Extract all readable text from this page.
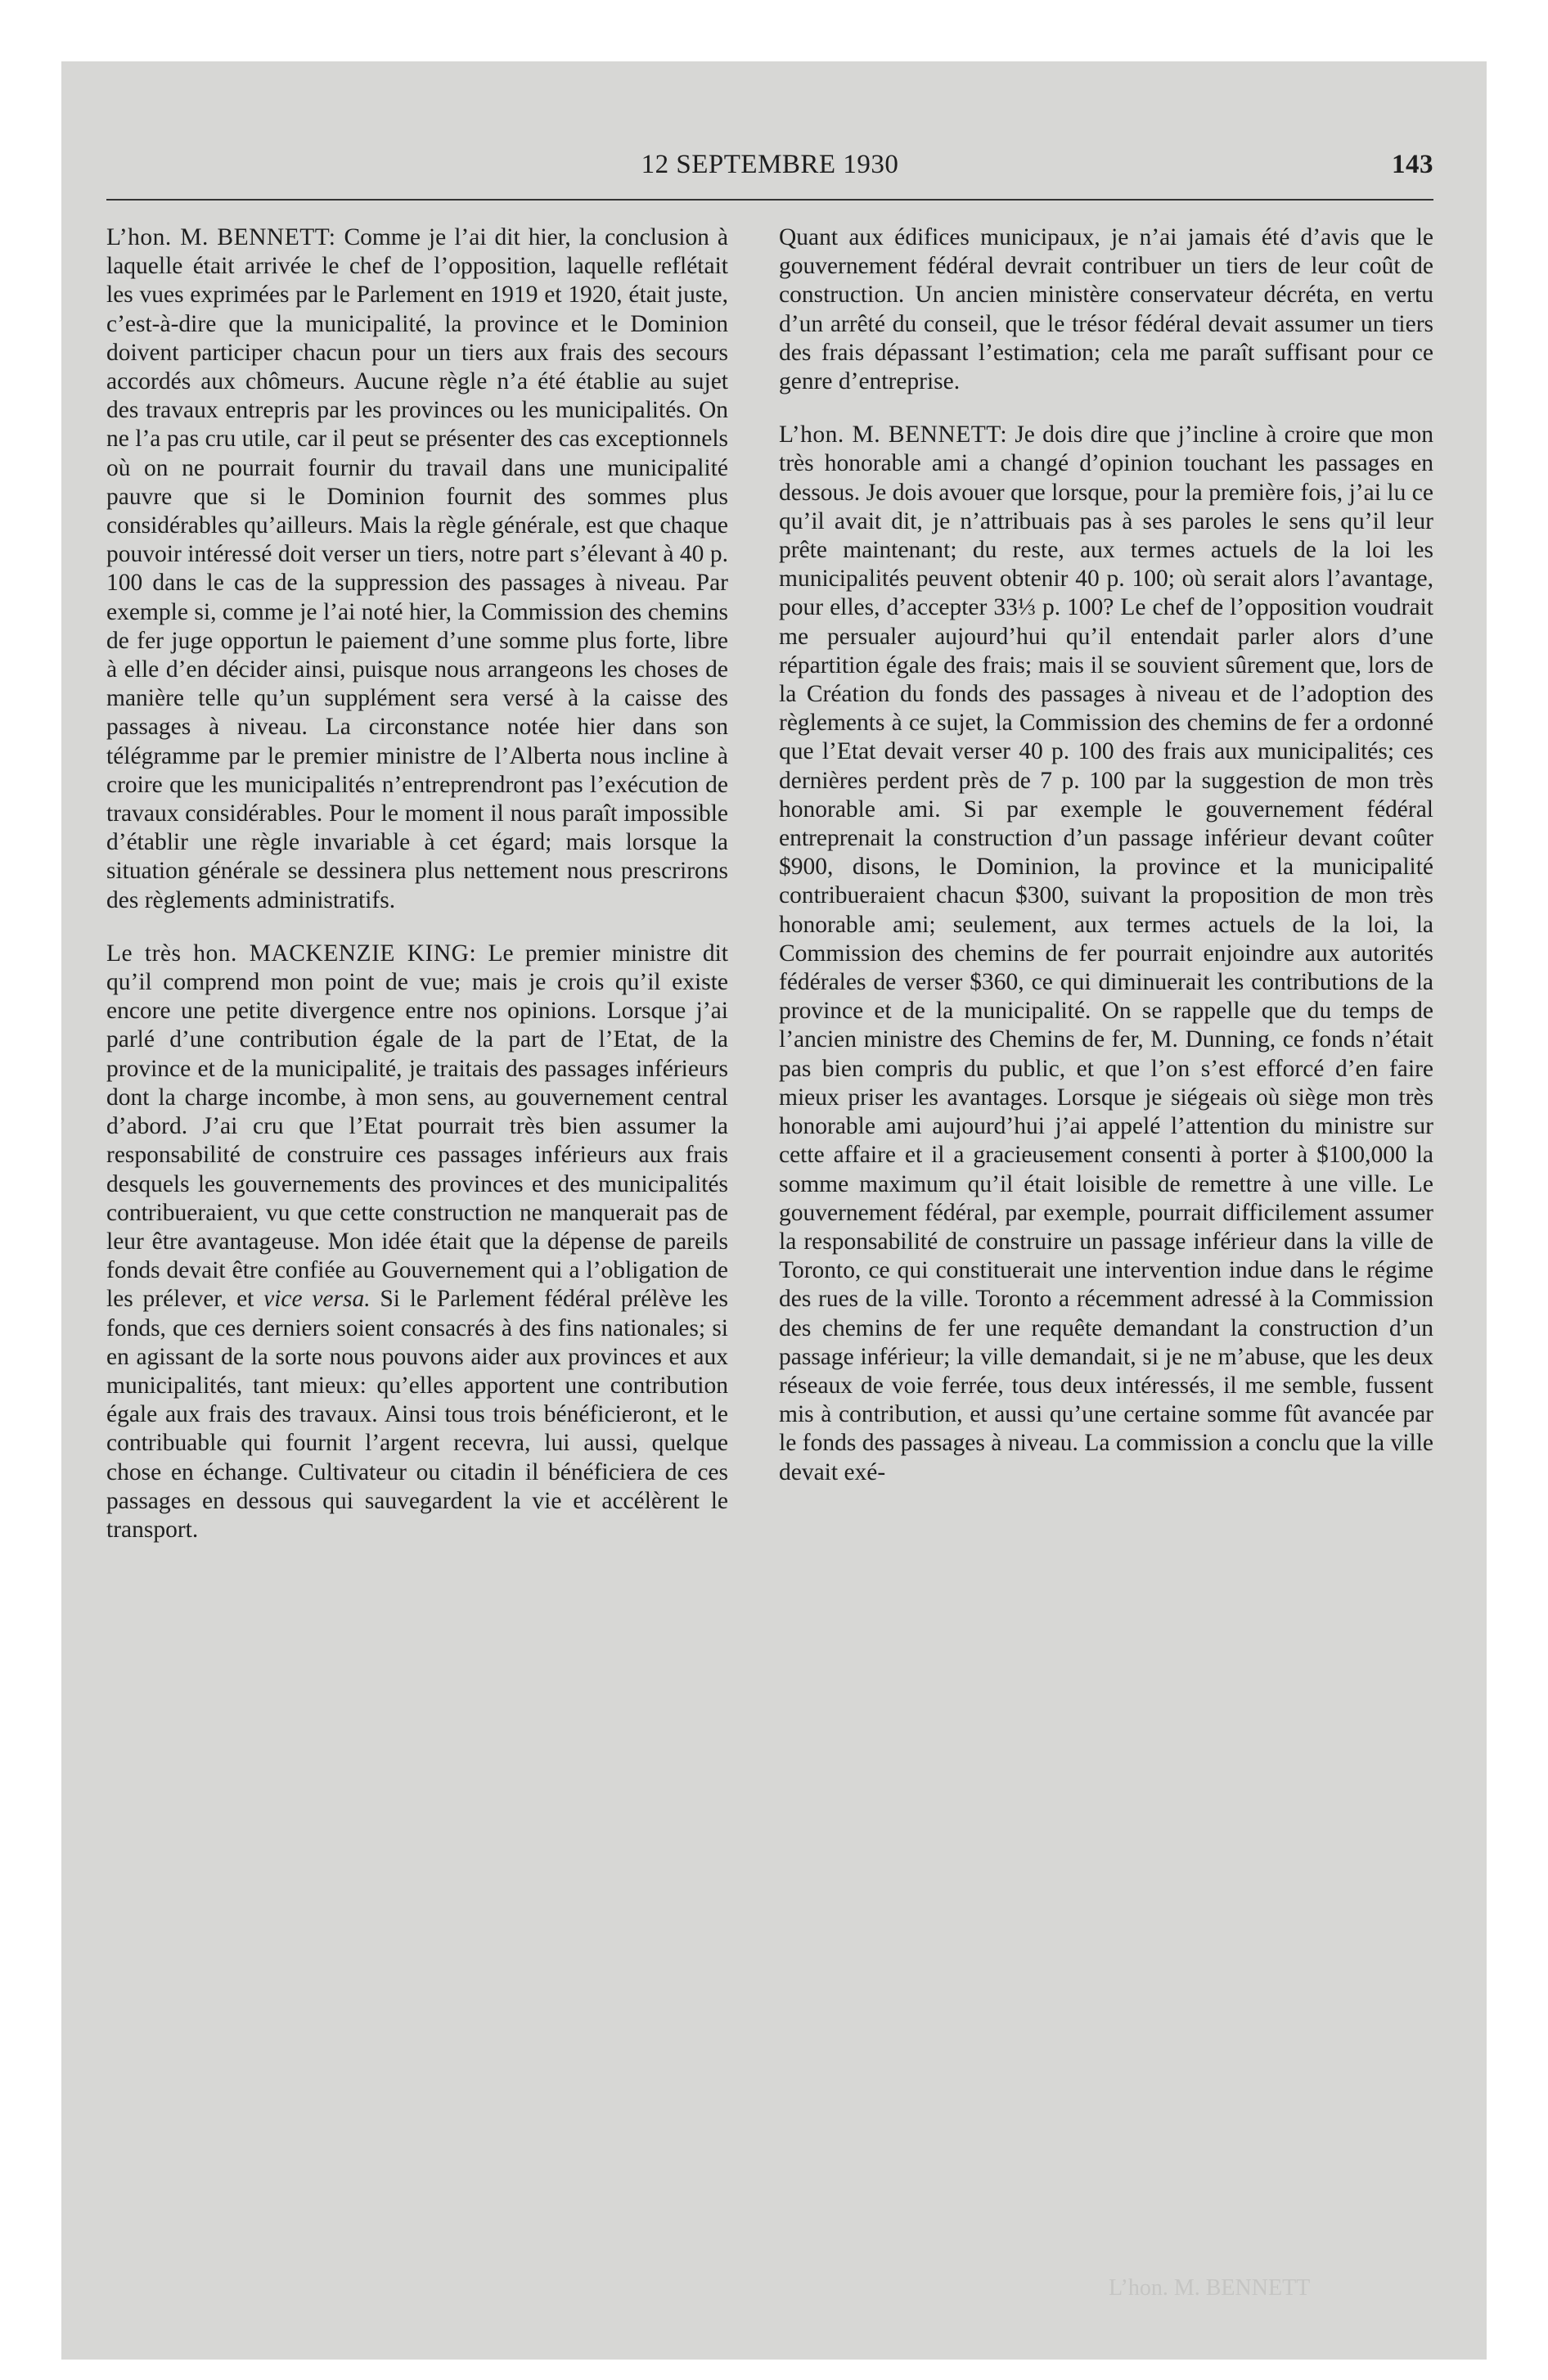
12 SEPTEMBRE 1930	143

L’hon. M. BENNETT: Comme je l’ai dit hier, la conclusion à laquelle était arrivée le chef de l’opposition, laquelle reflétait les vues exprimées par le Parlement en 1919 et 1920, était juste, c’est-à-dire que la municipalité, la province et le Dominion doivent participer chacun pour un tiers aux frais des secours accordés aux chômeurs. Aucune règle n’a été établie au sujet des travaux entrepris par les provinces ou les municipalités. On ne l’a pas cru utile, car il peut se présenter des cas exceptionnels où on ne pourrait fournir du travail dans une municipalité pauvre que si le Dominion fournit des sommes plus considérables qu’ailleurs. Mais la règle générale, est que chaque pouvoir intéressé doit verser un tiers, notre part s’élevant à 40 p. 100 dans le cas de la suppression des passages à niveau. Par exemple si, comme je l’ai noté hier, la Commission des chemins de fer juge opportun le paiement d’une somme plus forte, libre à elle d’en décider ainsi, puisque nous arrangeons les choses de manière telle qu’un supplément sera versé à la caisse des passages à niveau. La circonstance notée hier dans son télégramme par le premier ministre de l’Alberta nous incline à croire que les municipalités n’entreprendront pas l’exécution de travaux considérables. Pour le moment il nous paraît impossible d’établir une règle invariable à cet égard; mais lorsque la situation générale se dessinera plus nettement nous prescrirons des règlements administratifs.

Le très hon. MACKENZIE KING: Le premier ministre dit qu’il comprend mon point de vue; mais je crois qu’il existe encore une petite divergence entre nos opinions. Lorsque j’ai parlé d’une contribution égale de la part de l’Etat, de la province et de la municipalité, je traitais des passages inférieurs dont la charge incombe, à mon sens, au gouvernement central d’abord. J’ai cru que l’Etat pourrait très bien assumer la responsabilité de construire ces passages inférieurs aux frais desquels les gouvernements des provinces et des municipalités contribueraient, vu que cette construction ne manquerait pas de leur être avantageuse. Mon idée était que la dépense de pareils fonds devait être confiée au Gouvernement qui a l’obligation de les prélever, et vice versa. Si le Parlement fédéral prélève les fonds, que ces derniers soient consacrés à des fins nationales; si en agissant de la sorte nous pouvons aider aux provinces et aux municipalités, tant mieux: qu’elles apportent une contribution égale aux frais des travaux. Ainsi tous trois bénéficieront, et le contribuable qui fournit l’argent recevra, lui aussi, quelque chose en échange. Cultivateur ou citadin il bénéficiera de ces passages en dessous qui sauvegardent la vie et accélèrent le transport.

Quant aux édifices municipaux, je n’ai jamais été d’avis que le gouvernement fédéral devrait contribuer un tiers de leur coût de construction. Un ancien ministère conservateur décréta, en vertu d’un arrêté du conseil, que le trésor fédéral devait assumer un tiers des frais dépassant l’estimation; cela me paraît suffisant pour ce genre d’entreprise.

L’hon. M. BENNETT: Je dois dire que j’incline à croire que mon très honorable ami a changé d’opinion touchant les passages en dessous. Je dois avouer que lorsque, pour la première fois, j’ai lu ce qu’il avait dit, je n’attribuais pas à ses paroles le sens qu’il leur prête maintenant; du reste, aux termes actuels de la loi les municipalités peuvent obtenir 40 p. 100; où serait alors l’avantage, pour elles, d’accepter 33⅓ p. 100? Le chef de l’opposition voudrait me persualer aujourd’hui qu’il entendait parler alors d’une répartition égale des frais; mais il se souvient sûrement que, lors de la Création du fonds des passages à niveau et de l’adoption des règlements à ce sujet, la Commission des chemins de fer a ordonné que l’Etat devait verser 40 p. 100 des frais aux municipalités; ces dernières perdent près de 7 p. 100 par la suggestion de mon très honorable ami. Si par exemple le gouvernement fédéral entreprenait la construction d’un passage inférieur devant coûter $900, disons, le Dominion, la province et la municipalité contribueraient chacun $300, suivant la proposition de mon très honorable ami; seulement, aux termes actuels de la loi, la Commission des chemins de fer pourrait enjoindre aux autorités fédérales de verser $360, ce qui diminuerait les contributions de la province et de la municipalité. On se rappelle que du temps de l’ancien ministre des Chemins de fer, M. Dunning, ce fonds n’était pas bien compris du public, et que l’on s’est efforcé d’en faire mieux priser les avantages. Lorsque je siégeais où siège mon très honorable ami aujourd’hui j’ai appelé l’attention du ministre sur cette affaire et il a gracieusement consenti à porter à $100,000 la somme maximum qu’il était loisible de remettre à une ville. Le gouvernement fédéral, par exemple, pourrait difficilement assumer la responsabilité de construire un passage inférieur dans la ville de Toronto, ce qui constituerait une intervention indue dans le régime des rues de la ville. Toronto a récemment adressé à la Commission des chemins de fer une requête demandant la construction d’un passage inférieur; la ville demandait, si je ne m’abuse, que les deux réseaux de voie ferrée, tous deux intéressés, il me semble, fussent mis à contribution, et aussi qu’une certaine somme fût avancée par le fonds des passages à niveau. La commission a conclu que la ville devait exé-

L’hon. M. BENNETT
